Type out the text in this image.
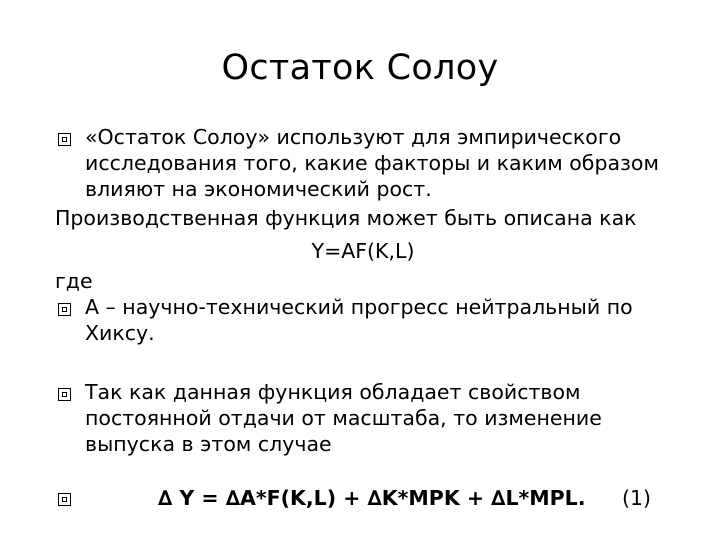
Остаток Солоу
«Остаток Солоу» используют для эмпирического
исследования того, какие факторы и каким образом
влияют на экономический рост.
Производственная функция может быть описана как
Y=AF(K,L)
где
А – научно-технический прогресс нейтральный по
Хиксу.
Так как данная функция обладает свойством
постоянной отдачи от масштаба, то изменение
выпуска в этом случае
∆ Y = ∆A*F(K,L) + ∆K*MPK + ∆L*MPL. (1)
